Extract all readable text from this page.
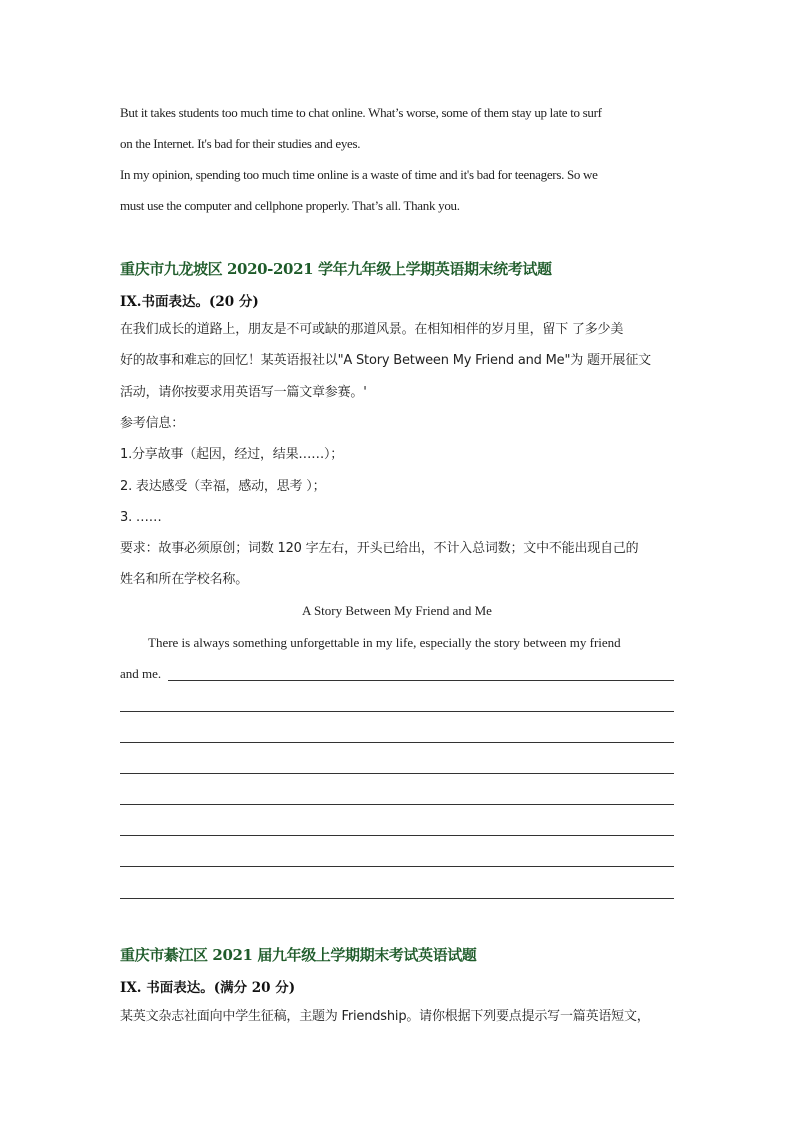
But it takes students too much time to chat online. What’s worse, some of them stay up late to surf
on the Internet. It's bad for their studies and eyes.
In my opinion, spending too much time online is a waste of time and it's bad for teenagers. So we
must use the computer and cellphone properly. That’s all. Thank you.
重庆市九龙坡区 2020-2021 学年九年级上学期英语期末统考试题
IX.书面表达。(20 分)
在我们成长的道路上，朋友是不可或缺的那道风景。在相知相伴的岁月里，留下 了多少美
好的故事和难忘的回忆！某英语报社以"A Story Between My Friend and Me"为 题开展征文
活动，请你按要求用英语写一篇文章参赛。'
参考信息：
1.分享故事（起因，经过，结果……）；
2. 表达感受（幸福，感动，思考 ）；
3. ……
要求：故事必须原创；词数 120 字左右，开头已给出，不计入总词数；文中不能出现自己的
姓名和所在学校名称。
A Story Between My Friend and Me
There is always something unforgettable in my life, especially the story between my friend
and me.
重庆市綦江区 2021 届九年级上学期期末考试英语试题
IX. 书面表达。(满分 20 分)
某英文杂志社面向中学生征稿，主题为 Friendship。请你根据下列要点提示写一篇英语短文，
